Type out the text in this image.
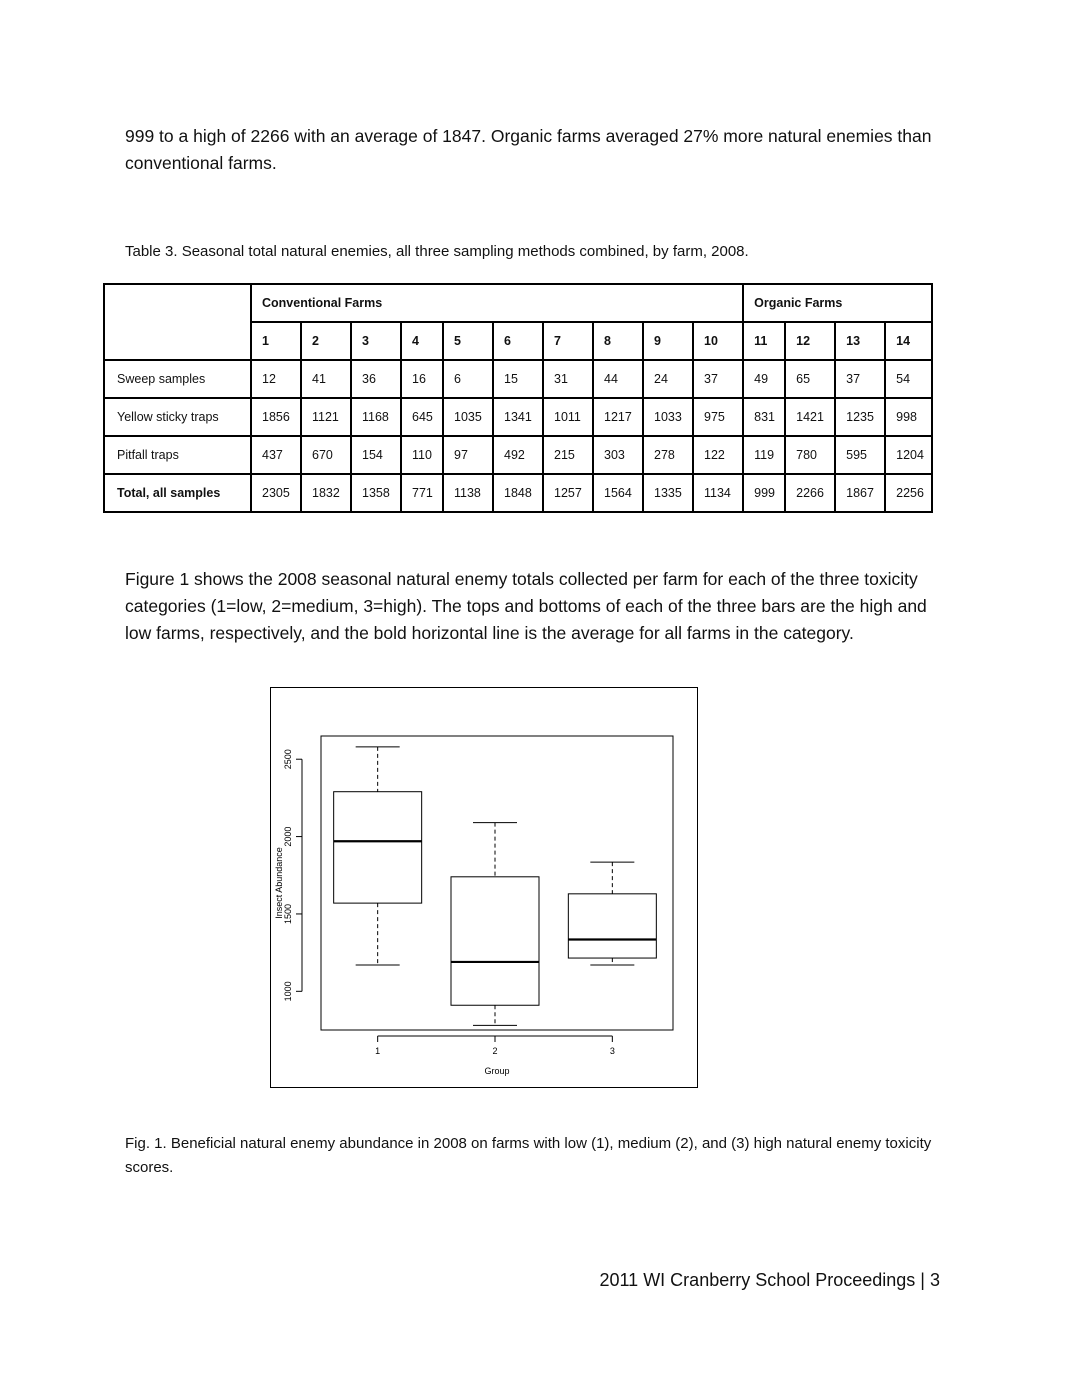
999 to a high of 2266 with an average of 1847. Organic farms averaged 27% more natural enemies than conventional farms.

Table 3. Seasonal total natural enemies, all three sampling methods combined, by farm, 2008.

	Conventional Farms										Organic Farms			
	1	2	3	4	5	6	7	8	9	10	11	12	13	14
Sweep samples	12	41	36	16	6	15	31	44	24	37	49	65	37	54
Yellow sticky traps	1856	1121	1168	645	1035	1341	1011	1217	1033	975	831	1421	1235	998
Pitfall traps	437	670	154	110	97	492	215	303	278	122	119	780	595	1204
Total, all samples	2305	1832	1358	771	1138	1848	1257	1564	1335	1134	999	2266	1867	2256

Figure 1 shows the 2008 seasonal natural enemy totals collected per farm for each of the three toxicity categories (1=low, 2=medium, 3=high). The tops and bottoms of each of the three bars are the high and low farms, respectively, and the bold horizontal line is the average for all farms in the category.

1000
1500
2000
2500
1	2	3
Insect Abundance
Group

Fig. 1. Beneficial natural enemy abundance in 2008 on farms with low (1), medium (2), and (3) high natural enemy toxicity scores.

2011 WI Cranberry School Proceedings | 3
